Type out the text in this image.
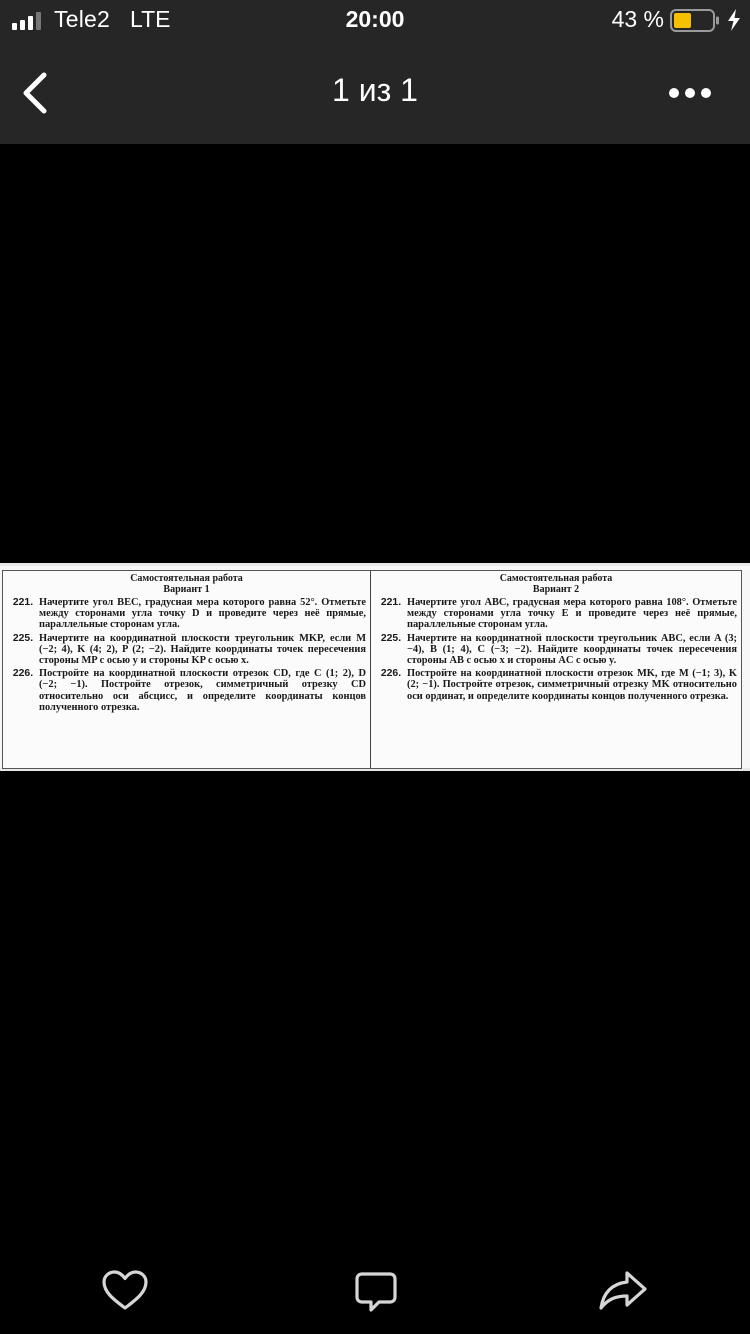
Tele2 LTE	20:00	43 %
1 из 1
Самостоятельная работа
Вариант 1
221. Начертите угол BEC, градусная мера которого равна 52°. Отметьте между сторонами угла точку D и проведите через неё прямые, параллельные сторонам угла.
225. Начертите на координатной плоскости треугольник MKP, если M (−2; 4), K (4; 2), P (2; −2). Найдите координаты точек пересечения стороны MP с осью y и стороны KP с осью x.
226. Постройте на координатной плоскости отрезок CD, где C (1; 2), D (−2; −1). Постройте отрезок, симметричный отрезку CD относительно оси абсцисс, и определите координаты концов полученного отрезка.
Самостоятельная работа
Вариант 2
221. Начертите угол ABC, градусная мера которого равна 108°. Отметьте между сторонами угла точку E и проведите через неё прямые, параллельные сторонам угла.
225. Начертите на координатной плоскости треугольник ABC, если A (3; −4), B (1; 4), C (−3; −2). Найдите координаты точек пересечения стороны AB с осью x и стороны AC с осью y.
226. Постройте на координатной плоскости отрезок MK, где M (−1; 3), K (2; −1). Постройте отрезок, симметричный отрезку MK относительно оси ординат, и определите координаты концов полученного отрезка.
